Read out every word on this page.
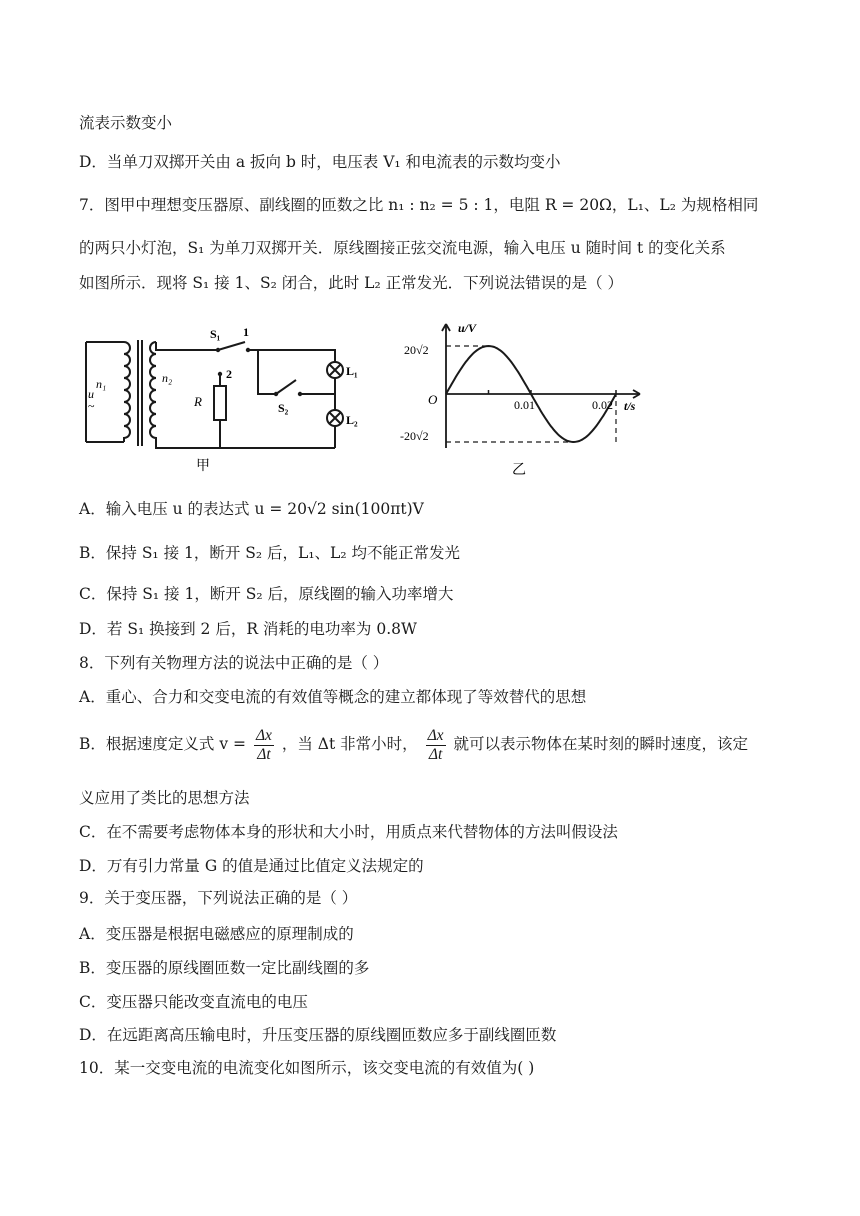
流表示数变小
D．当单刀双掷开关由 a 扳向 b 时，电压表 V₁ 和电流表的示数均变小
7．图甲中理想变压器原、副线圈的匝数之比 n₁ : n₂ = 5 : 1，电阻 R = 20Ω，L₁、L₂ 为规格相同
的两只小灯泡，S₁ 为单刀双掷开关．原线圈接正弦交流电源，输入电压 u 随时间 t 的变化关系
如图所示．现将 S₁ 接 1、S₂ 闭合，此时 L₂ 正常发光．下列说法错误的是（ ）
n₁	n₂
u
~	R
S₁ 1
2
S₂
L₁
L₂
甲
u/V
t/s
O
20√2
-20√2
0.01	0.02
乙
A．输入电压 u 的表达式 u = 20√2 sin(100πt)V
B．保持 S₁ 接 1，断开 S₂ 后，L₁、L₂ 均不能正常发光
C．保持 S₁ 接 1，断开 S₂ 后，原线圈的输入功率增大
D．若 S₁ 换接到 2 后，R 消耗的电功率为 0.8W
8．下列有关物理方法的说法中正确的是（ ）
A．重心、合力和交变电流的有效值等概念的建立都体现了等效替代的思想
B．根据速度定义式 $v = \frac{\Delta x}{\Delta t}$ ，当 Δt 非常小时， $\frac{\Delta x}{\Delta t}$ 就可以表示物体在某时刻的瞬时速度，该定
义应用了类比的思想方法
C．在不需要考虑物体本身的形状和大小时，用质点来代替物体的方法叫假设法
D．万有引力常量 G 的值是通过比值定义法规定的
9．关于变压器，下列说法正确的是（ ）
A．变压器是根据电磁感应的原理制成的
B．变压器的原线圈匝数一定比副线圈的多
C．变压器只能改变直流电的电压
D．在远距离高压输电时，升压变压器的原线圈匝数应多于副线圈匝数
10．某一交变电流的电流变化如图所示，该交变电流的有效值为( )
